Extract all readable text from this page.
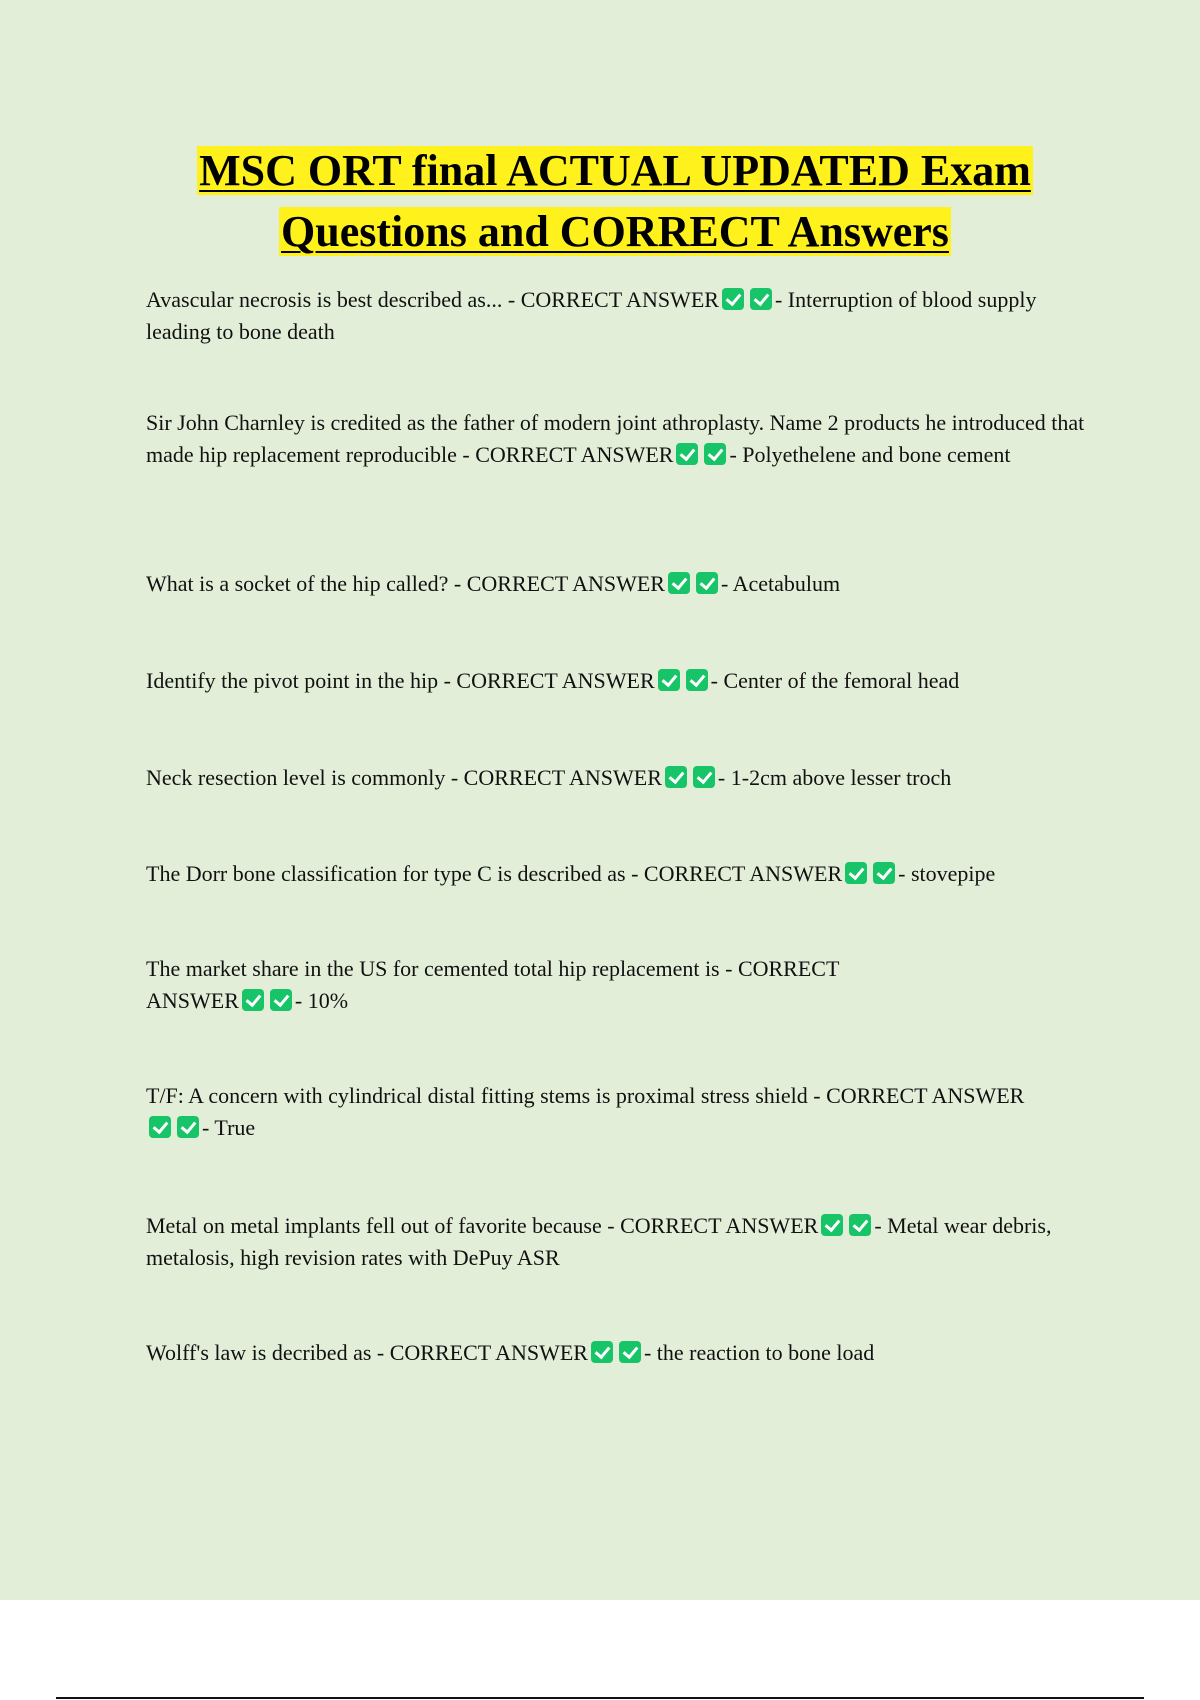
MSC ORT final ACTUAL UPDATED Exam
Questions and CORRECT Answers
Avascular necrosis is best described as... - CORRECT ANSWER	- Interruption of blood supply leading to bone death
Sir John Charnley is credited as the father of modern joint athroplasty. Name 2 products he introduced that made hip replacement reproducible - CORRECT ANSWER	- Polyethelene and bone cement
What is a socket of the hip called? - CORRECT ANSWER	- Acetabulum
Identify the pivot point in the hip - CORRECT ANSWER	- Center of the femoral head
Neck resection level is commonly - CORRECT ANSWER	- 1-2cm above lesser troch
The Dorr bone classification for type C is described as - CORRECT ANSWER	- stovepipe
The market share in the US for cemented total hip replacement is - CORRECT ANSWER	- 10%
T/F: A concern with cylindrical distal fitting stems is proximal stress shield - CORRECT ANSWER- True
Metal on metal implants fell out of favorite because - CORRECT ANSWER	- Metal wear debris, metalosis, high revision rates with DePuy ASR
Wolff's law is decribed as - CORRECT ANSWER	- the reaction to bone load
